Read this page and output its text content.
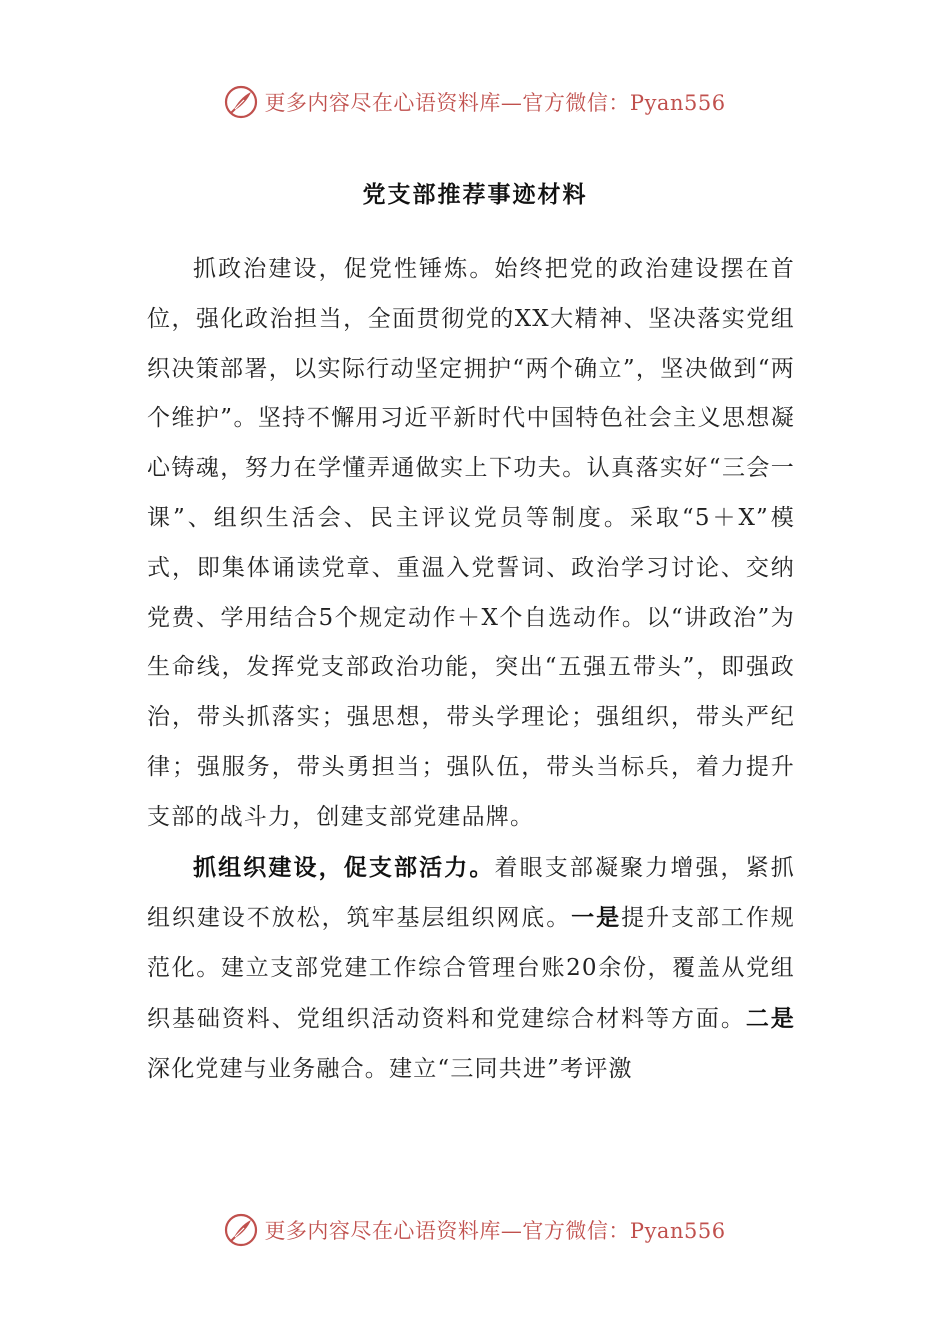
更多内容尽在心语资料库—官方微信：Pyan556
党支部推荐事迹材料

抓政治建设，促党性锤炼。始终把党的政治建设摆在首位，强化政治担当，全面贯彻党的XX大精神、坚决落实党组织决策部署，以实际行动坚定拥护“两个确立”，坚决做到“两个维护”。坚持不懈用习近平新时代中国特色社会主义思想凝心铸魂，努力在学懂弄通做实上下功夫。认真落实好“三会一课”、组织生活会、民主评议党员等制度。采取“5＋X”模式，即集体诵读党章、重温入党誓词、政治学习讨论、交纳党费、学用结合5个规定动作＋X个自选动作。以“讲政治”为生命线，发挥党支部政治功能，突出“五强五带头”，即强政治，带头抓落实；强思想，带头学理论；强组织，带头严纪律；强服务，带头勇担当；强队伍，带头当标兵，着力提升支部的战斗力，创建支部党建品牌。

抓组织建设，促支部活力。着眼支部凝聚力增强，紧抓组织建设不放松，筑牢基层组织网底。一是提升支部工作规范化。建立支部党建工作综合管理台账20余份，覆盖从党组织基础资料、党组织活动资料和党建综合材料等方面。二是深化党建与业务融合。建立“三同共进”考评激

更多内容尽在心语资料库—官方微信：Pyan556
